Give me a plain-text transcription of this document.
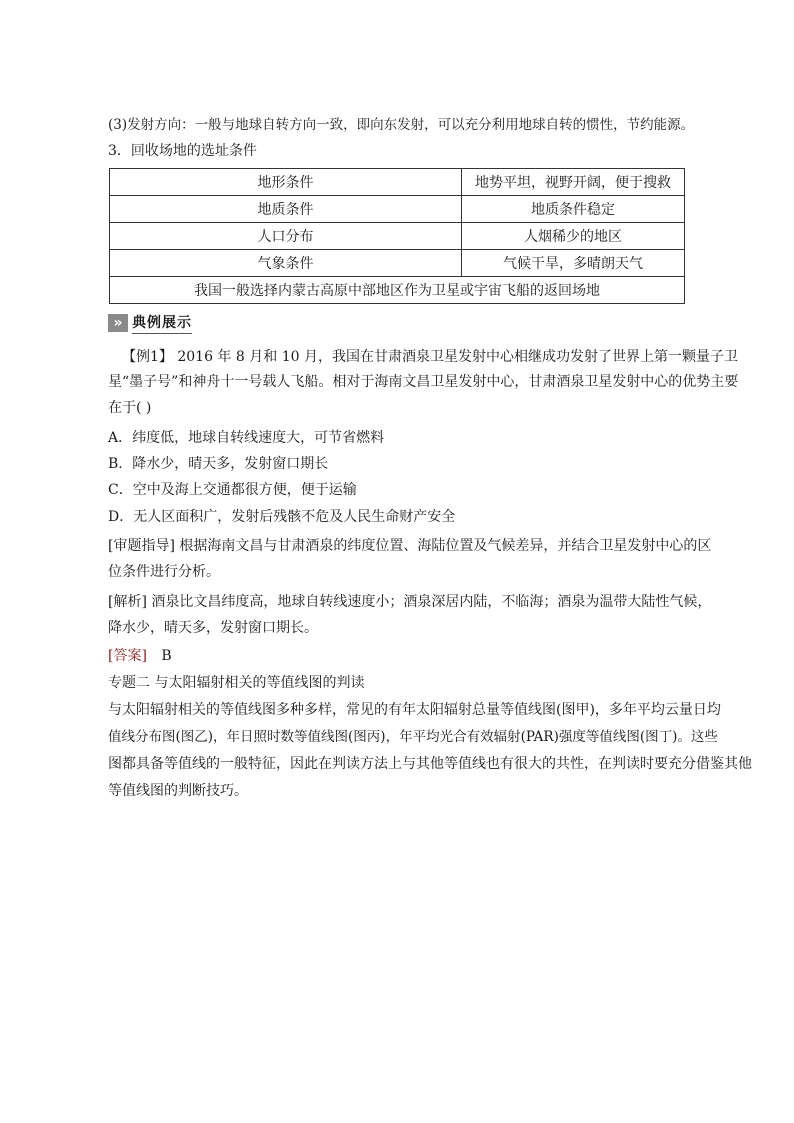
(3)发射方向：一般与地球自转方向一致，即向东发射，可以充分利用地球自转的惯性，节约能源。
3．回收场地的选址条件
地形条件	地势平坦，视野开阔，便于搜救
地质条件	地质条件稳定
人口分布	人烟稀少的地区
气象条件	气候干旱，多晴朗天气
我国一般选择内蒙古高原中部地区作为卫星或宇宙飞船的返回场地	
» 典例展示
【例1】 2016 年 8 月和 10 月，我国在甘肃酒泉卫星发射中心相继成功发射了世界上第一颗量子卫
星“墨子号”和神舟十一号载人飞船。相对于海南文昌卫星发射中心，甘肃酒泉卫星发射中心的优势主要
在于( )
A．纬度低，地球自转线速度大，可节省燃料
B．降水少，晴天多，发射窗口期长
C．空中及海上交通都很方便，便于运输
D．无人区面积广，发射后残骸不危及人民生命财产安全
[审题指导] 根据海南文昌与甘肃酒泉的纬度位置、海陆位置及气候差异，并结合卫星发射中心的区
位条件进行分析。
[解析] 酒泉比文昌纬度高，地球自转线速度小；酒泉深居内陆，不临海；酒泉为温带大陆性气候，
降水少，晴天多，发射窗口期长。
[答案] B
专题二 与太阳辐射相关的等值线图的判读
与太阳辐射相关的等值线图多种多样，常见的有年太阳辐射总量等值线图(图甲)，多年平均云量日均
值线分布图(图乙)，年日照时数等值线图(图丙)，年平均光合有效辐射(PAR)强度等值线图(图丁)。这些
图都具备等值线的一般特征，因此在判读方法上与其他等值线也有很大的共性，在判读时要充分借鉴其他
等值线图的判断技巧。
